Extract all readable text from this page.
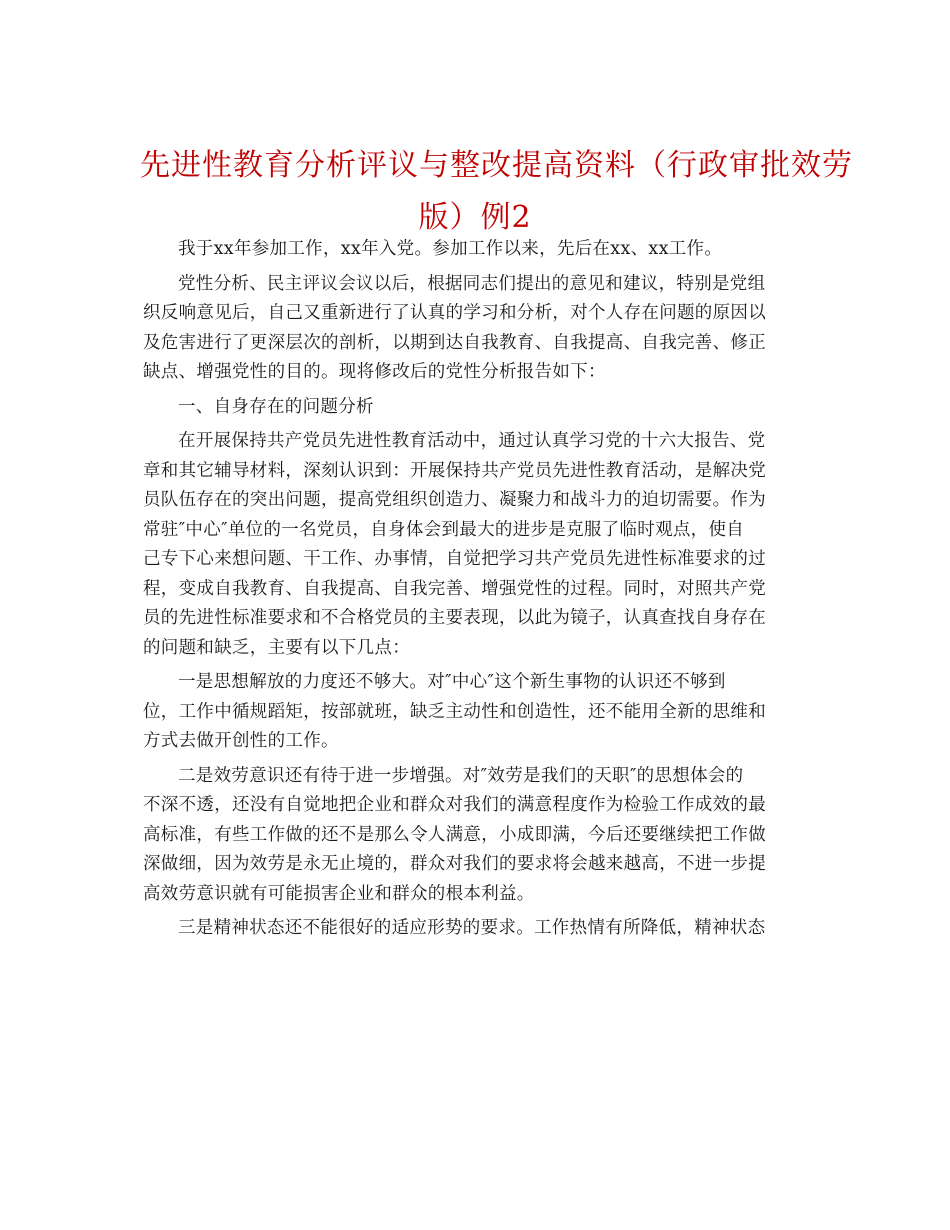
先进性教育分析评议与整改提高资料（行政审批效劳
版）例2

我于xx年参加工作，xx年入党。参加工作以来，先后在xx、xx工作。

党性分析、民主评议会议以后，根据同志们提出的意见和建议，特别是党组
织反响意见后，自己又重新进行了认真的学习和分析，对个人存在问题的原因以
及危害进行了更深层次的剖析，以期到达自我教育、自我提高、自我完善、修正
缺点、增强党性的目的。现将修改后的党性分析报告如下：

一、自身存在的问题分析

在开展保持共产党员先进性教育活动中，通过认真学习党的十六大报告、党
章和其它辅导材料，深刻认识到：开展保持共产党员先进性教育活动，是解决党
员队伍存在的突出问题，提高党组织创造力、凝聚力和战斗力的迫切需要。作为
常驻″中心″单位的一名党员，自身体会到最大的进步是克服了临时观点，使自
己专下心来想问题、干工作、办事情，自觉把学习共产党员先进性标准要求的过
程，变成自我教育、自我提高、自我完善、增强党性的过程。同时，对照共产党
员的先进性标准要求和不合格党员的主要表现，以此为镜子，认真查找自身存在
的问题和缺乏，主要有以下几点：

一是思想解放的力度还不够大。对″中心″这个新生事物的认识还不够到
位，工作中循规蹈矩，按部就班，缺乏主动性和创造性，还不能用全新的思维和
方式去做开创性的工作。

二是效劳意识还有待于进一步增强。对″效劳是我们的天职″的思想体会的
不深不透，还没有自觉地把企业和群众对我们的满意程度作为检验工作成效的最
高标准，有些工作做的还不是那么令人满意，小成即满，今后还要继续把工作做
深做细，因为效劳是永无止境的，群众对我们的要求将会越来越高，不进一步提
高效劳意识就有可能损害企业和群众的根本利益。

三是精神状态还不能很好的适应形势的要求。工作热情有所降低，精神状态
